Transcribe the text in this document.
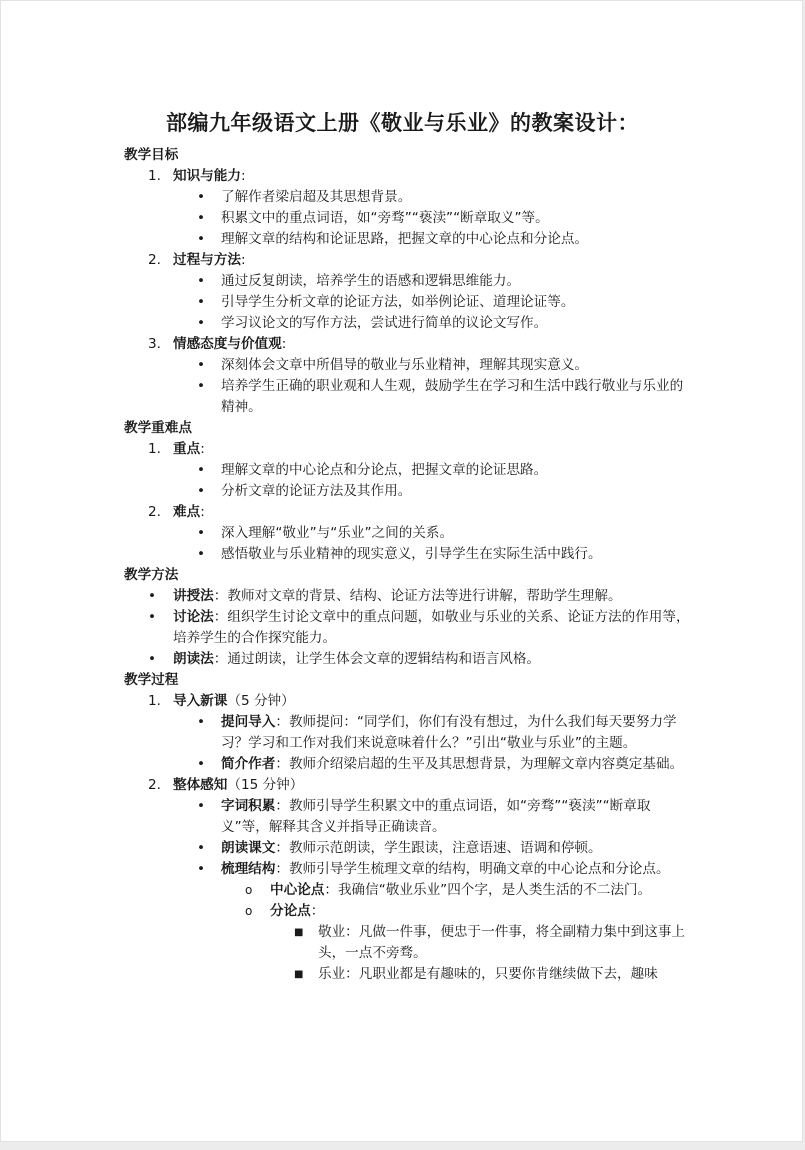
部编九年级语文上册《敬业与乐业》的教案设计：
教学目标
1. 知识与能力:
• 了解作者梁启超及其思想背景。
• 积累文中的重点词语，如“旁骛”“亵渎”“断章取义”等。
• 理解文章的结构和论证思路，把握文章的中心论点和分论点。
2. 过程与方法:
• 通过反复朗读，培养学生的语感和逻辑思维能力。
• 引导学生分析文章的论证方法，如举例论证、道理论证等。
• 学习议论文的写作方法，尝试进行简单的议论文写作。
3. 情感态度与价值观:
• 深刻体会文章中所倡导的敬业与乐业精神，理解其现实意义。
• 培养学生正确的职业观和人生观，鼓励学生在学习和生活中践行敬业与乐业的精神。
教学重难点
1. 重点:
• 理解文章的中心论点和分论点，把握文章的论证思路。
• 分析文章的论证方法及其作用。
2. 难点:
• 深入理解“敬业”与“乐业”之间的关系。
• 感悟敬业与乐业精神的现实意义，引导学生在实际生活中践行。
教学方法
• 讲授法：教师对文章的背景、结构、论证方法等进行讲解，帮助学生理解。
• 讨论法：组织学生讨论文章中的重点问题，如敬业与乐业的关系、论证方法的作用等，培养学生的合作探究能力。
• 朗读法：通过朗读，让学生体会文章的逻辑结构和语言风格。
教学过程
1. 导入新课（5 分钟）
• 提问导入：教师提问：“同学们，你们有没有想过，为什么我们每天要努力学习？学习和工作对我们来说意味着什么？”引出“敬业与乐业”的主题。
• 简介作者：教师介绍梁启超的生平及其思想背景，为理解文章内容奠定基础。
2. 整体感知（15 分钟）
• 字词积累：教师引导学生积累文中的重点词语，如“旁骛”“亵渎”“断章取义”等，解释其含义并指导正确读音。
• 朗读课文：教师示范朗读，学生跟读，注意语速、语调和停顿。
• 梳理结构：教师引导学生梳理文章的结构，明确文章的中心论点和分论点。
o 中心论点：我确信“敬业乐业”四个字，是人类生活的不二法门。
o 分论点：
■ 敬业：凡做一件事，便忠于一件事，将全副精力集中到这事上头，一点不旁骛。
■ 乐业：凡职业都是有趣味的，只要你肯继续做下去，趣味
